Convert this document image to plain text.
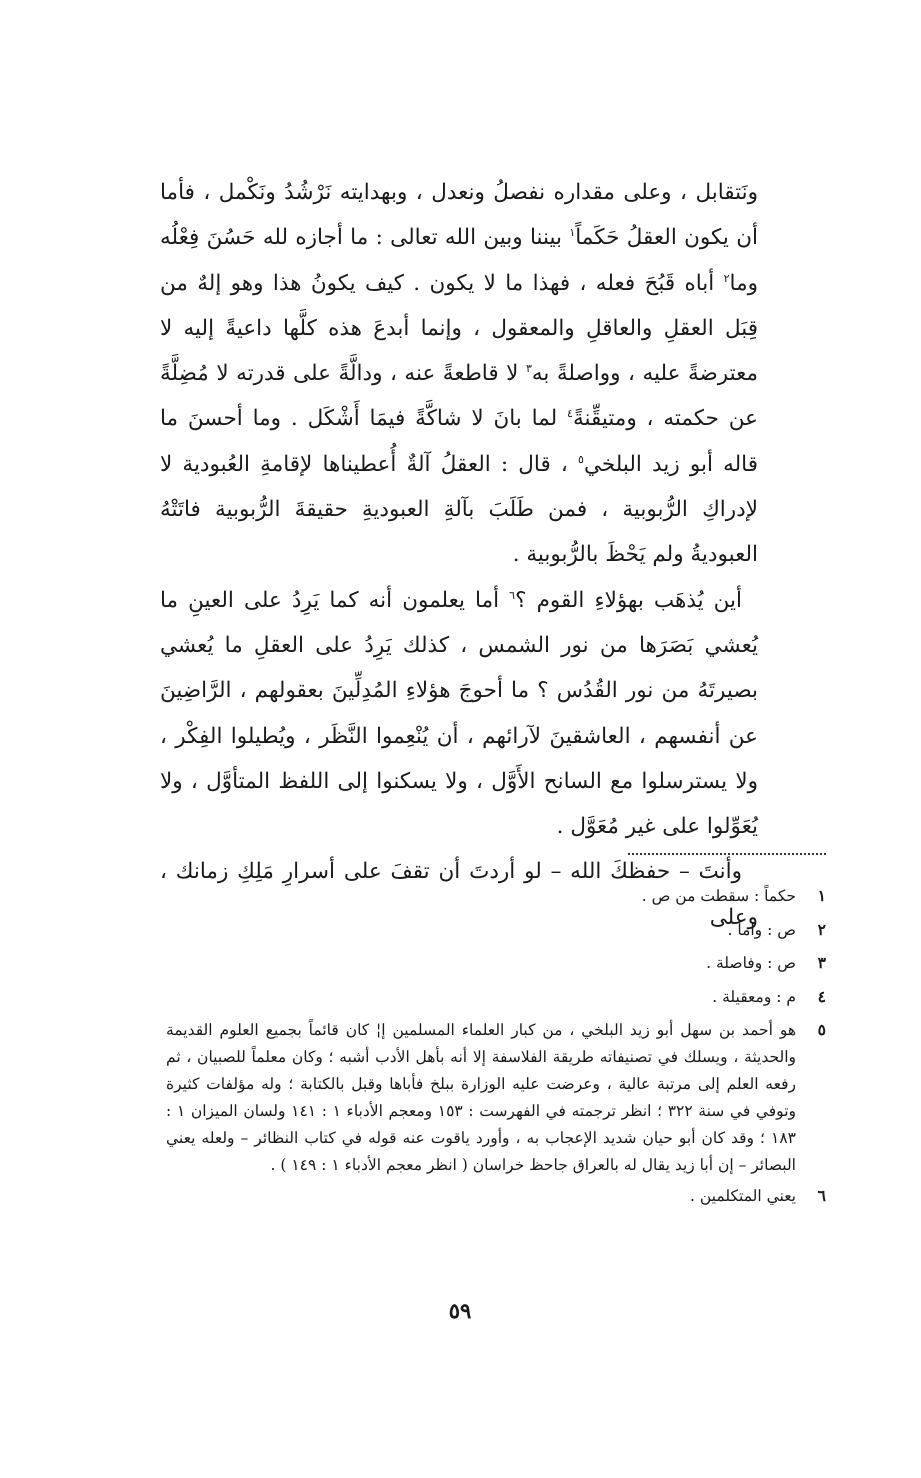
ونَتقابل ، وعلى مقداره نفصلُ ونعدل ، وبهدايته نَرْشُدُ ونَكْمل ، فأما أن يكون العقلُ حَكَماً$^١$ بيننا وبين الله تعالى : ما أجازه لله حَسُنَ فِعْلُه وما$^٢$ أباه قَبُحَ فعله ، فهذا ما لا يكون . كيف يكونُ هذا وهو إلهٌ من قِبَل العقلِ والعاقلِ والمعقول ، وإنما أبدعَ هذه كلَّها داعيةً إليه لا معترضةً عليه ، وواصلةً به$^٣$ لا قاطعةً عنه ، ودالَّةً على قدرته لا مُضِلَّةً عن حكمته ، ومتيقِّنةً$^٤$ لما بانَ لا شاكَّةً فيمَا أَشْكَل . وما أحسنَ ما قاله أبو زيد البلخي$^٥$ ، قال : العقلُ آلةٌ أُعطيناها لإقامةِ العُبودية لا لإدراكِ الرُّبوبية ، فمن طَلَبَ بآلةِ العبوديةِ حقيقةَ الرُّبوبية فاتَتْهُ العبوديةُ ولم يَحْظَ بالرُّبوبية .

أين يُذهَب بهؤلاءِ القوم ؟$^٦$ أما يعلمون أنه كما يَرِدُ على العينِ ما يُعشي بَصَرَها من نور الشمس ، كذلك يَرِدُ على العقلِ ما يُعشي بصيرتَهُ من نور القُدُس ؟ ما أحوجَ هؤلاءِ المُدِلِّينَ بعقولهم ، الرَّاضِينَ عن أنفسهم ، العاشقينَ لآرائهم ، أن يُنْعِموا النَّظَر ، ويُطيلوا الفِكْر ، ولا يسترسلوا مع السانح الأَوَّل ، ولا يسكنوا إلى اللفظ المتأوَّل ، ولا يُعَوِّلوا على غير مُعَوَّل .

وأنتَ – حفظكَ الله – لو أردتَ أن تقفَ على أسرارِ مَلِكِ زمانك ، وعلى

١
حكماً : سقطت من ص .
٢
ص : واما .
٣
ص : وفاصلة .
٤
م : ومعقيلة .
٥
هو أحمد بن سهل أبو زيد البلخي ، من كبار العلماء المسلمين إ¦ كان قائماً بجميع العلوم القديمة والحديثة ، ويسلك في تصنيفاته طريقة الفلاسفة إلا أنه بأهل الأدب أشبه ؛ وكان معلماً للصبيان ، ثم رفعه العلم إلى مرتبة عالية ، وعرضت عليه الوزارة ببلخ فأباها وقبل بالكتابة ؛ وله مؤلفات كثيرة وتوفي في سنة ٣٢٢ ؛ انظر ترجمته في الفهرست : ١٥٣ ومعجم الأدباء ١ : ١٤١ ولسان الميزان ١ : ١٨٣ ؛ وقد كان أبو حيان شديد الإعجاب به ، وأورد ياقوت عنه قوله في كتاب النظائر – ولعله يعني البصائر – إن أبا زيد يقال له بالعراق جاحظ خراسان ( انظر معجم الأدباء ١ : ١٤٩ ) .
٦
يعني المتكلمين .
٥٩
